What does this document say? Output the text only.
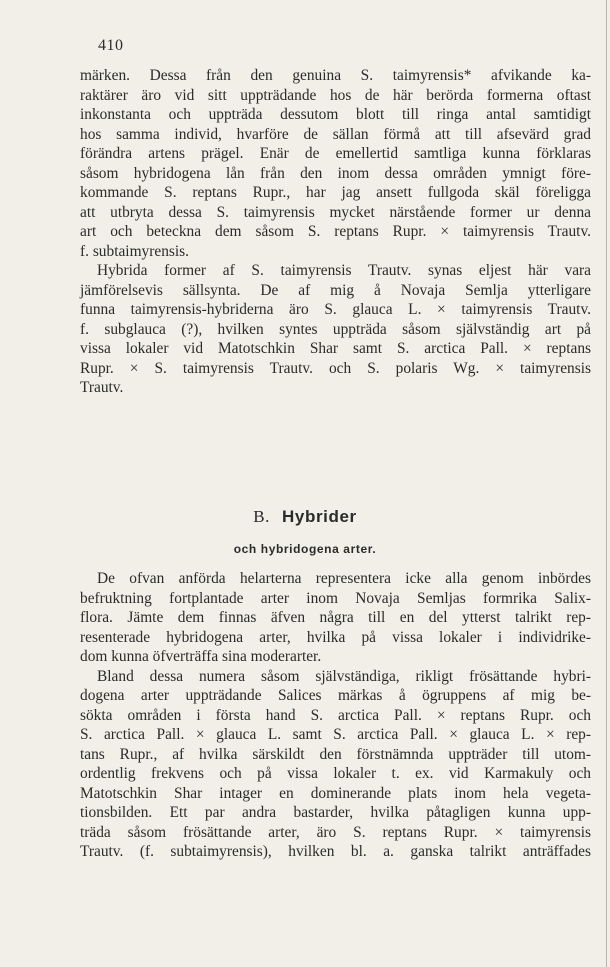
410
märken. Dessa från den genuina S. taimyrensis* afvikande ka-
raktärer äro vid sitt uppträdande hos de här berörda formerna oftast
inkonstanta och uppträda dessutom blott till ringa antal samtidigt
hos samma individ, hvarföre de sällan förmå att till afsevärd grad
förändra artens prägel. Enär de emellertid samtliga kunna förklaras
såsom hybridogena lån från den inom dessa områden ymnigt före-
kommande S. reptans Rupr., har jag ansett fullgoda skäl föreligga
att utbryta dessa S. taimyrensis mycket närstående former ur denna
art och beteckna dem såsom S. reptans Rupr. × taimyrensis Trautv.
f. subtaimyrensis.
Hybrida former af S. taimyrensis Trautv. synas eljest här vara
jämförelsevis sällsynta. De af mig å Novaja Semlja ytterligare
funna taimyrensis-hybriderna äro S. glauca L. × taimyrensis Trautv.
f. subglauca (?), hvilken syntes uppträda såsom självständig art på
vissa lokaler vid Matotschkin Shar samt S. arctica Pall. × reptans
Rupr. × S. taimyrensis Trautv. och S. polaris Wg. × taimyrensis
Trautv.
B. Hybrider
och hybridogena arter.
De ofvan anförda helarterna representera icke alla genom inbördes
befruktning fortplantade arter inom Novaja Semljas formrika Salix-
flora. Jämte dem finnas äfven några till en del ytterst talrikt rep-
resenterade hybridogena arter, hvilka på vissa lokaler i individrike-
dom kunna öfverträffa sina moderarter.
Bland dessa numera såsom självständiga, rikligt frösättande hybri-
dogena arter uppträdande Salices märkas å ögruppens af mig be-
sökta områden i första hand S. arctica Pall. × reptans Rupr. och
S. arctica Pall. × glauca L. samt S. arctica Pall. × glauca L. × rep-
tans Rupr., af hvilka särskildt den förstnämnda uppträder till utom-
ordentlig frekvens och på vissa lokaler t. ex. vid Karmakuly och
Matotschkin Shar intager en dominerande plats inom hela vegeta-
tionsbilden. Ett par andra bastarder, hvilka påtagligen kunna upp-
träda såsom frösättande arter, äro S. reptans Rupr. × taimyrensis
Trautv. (f. subtaimyrensis), hvilken bl. a. ganska talrikt anträffades
